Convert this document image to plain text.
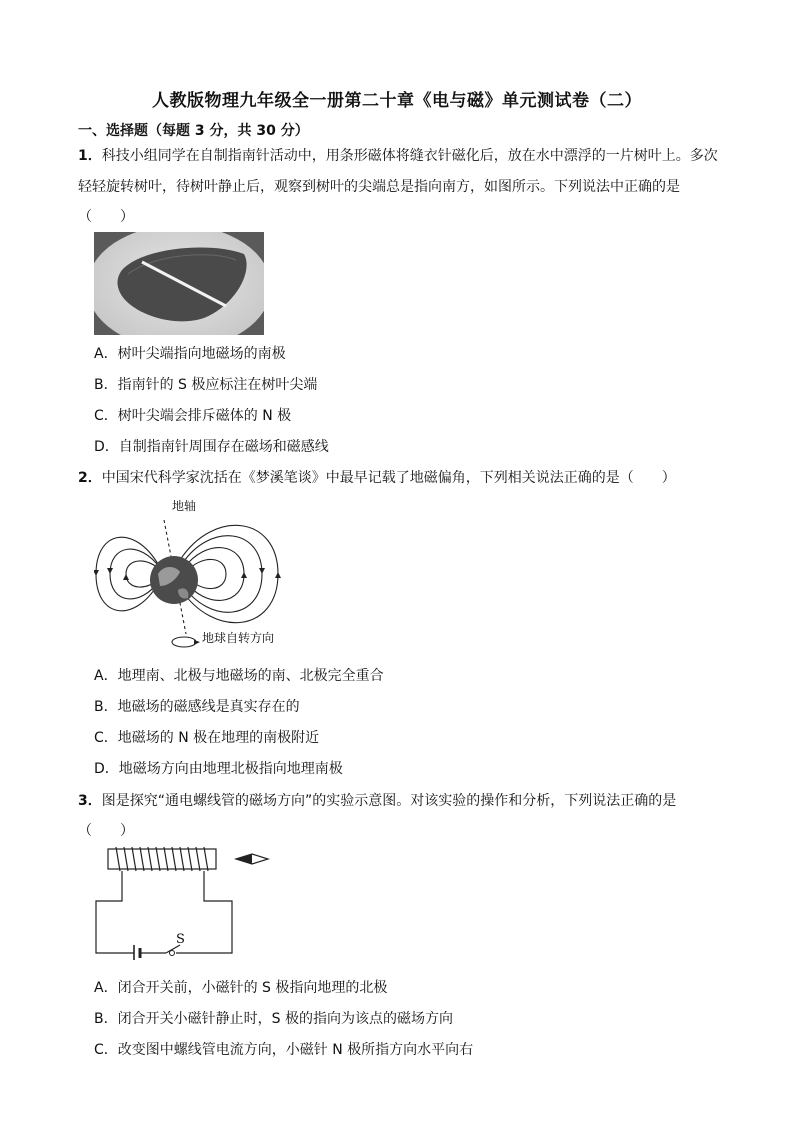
人教版物理九年级全一册第二十章《电与磁》单元测试卷（二）
一、选择题（每题 3 分，共 30 分）
1．科技小组同学在自制指南针活动中，用条形磁体将缝衣针磁化后，放在水中漂浮的一片树叶上。多次
轻轻旋转树叶，待树叶静止后，观察到树叶的尖端总是指向南方，如图所示。下列说法中正确的是
（　　）
A．树叶尖端指向地磁场的南极
B．指南针的 S 极应标注在树叶尖端
C．树叶尖端会排斥磁体的 N 极
D．自制指南针周围存在磁场和磁感线
2．中国宋代科学家沈括在《梦溪笔谈》中最早记载了地磁偏角，下列相关说法正确的是（　　）
地轴
地球自转方向
A．地理南、北极与地磁场的南、北极完全重合
B．地磁场的磁感线是真实存在的
C．地磁场的 N 极在地理的南极附近
D．地磁场方向由地理北极指向地理南极
3．图是探究“通电螺线管的磁场方向”的实验示意图。对该实验的操作和分析，下列说法正确的是
（　　）
S
A．闭合开关前，小磁针的 S 极指向地理的北极
B．闭合开关小磁针静止时，S 极的指向为该点的磁场方向
C．改变图中螺线管电流方向，小磁针 N 极所指方向水平向右
